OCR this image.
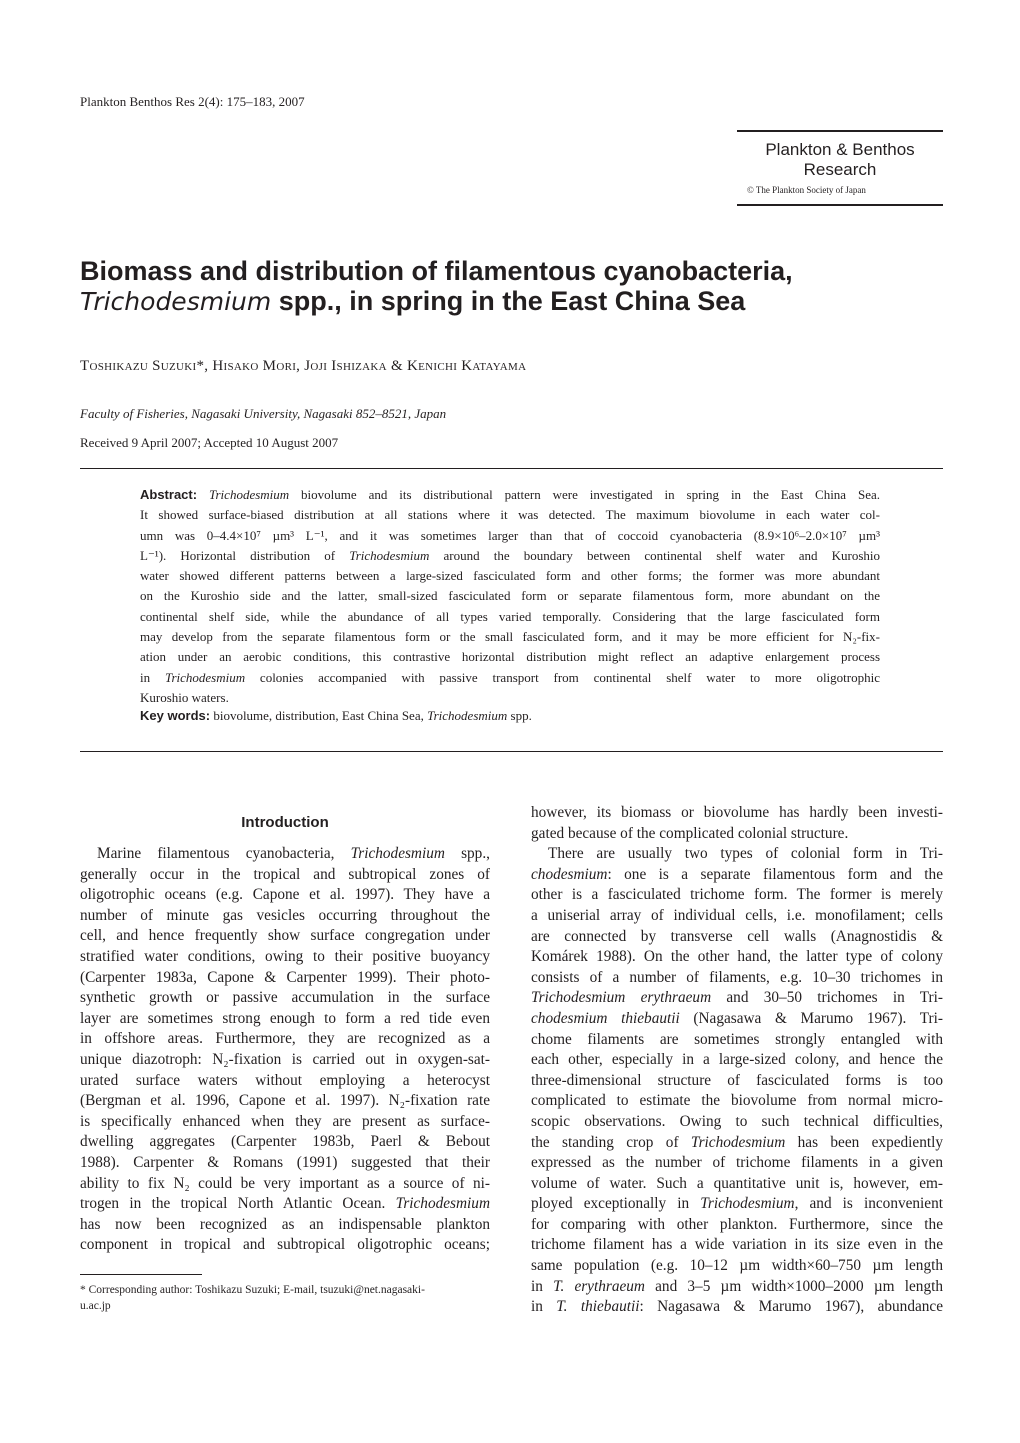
Plankton Benthos Res 2(4): 175–183, 2007
Plankton & Benthos
Research
© The Plankton Society of Japan
Biomass and distribution of filamentous cyanobacteria,
Trichodesmium spp., in spring in the East China Sea
Toshikazu Suzuki*, Hisako Mori, Joji Ishizaka & Kenichi Katayama
Faculty of Fisheries, Nagasaki University, Nagasaki 852–8521, Japan
Received 9 April 2007; Accepted 10 August 2007
Abstract: Trichodesmium biovolume and its distributional pattern were investigated in spring in the East China Sea.
It showed surface-biased distribution at all stations where it was detected. The maximum biovolume in each water col-
umn was 0–4.4×10⁷ µm³ L⁻¹, and it was sometimes larger than that of coccoid cyanobacteria (8.9×10⁶–2.0×10⁷ µm³
L⁻¹). Horizontal distribution of Trichodesmium around the boundary between continental shelf water and Kuroshio
water showed different patterns between a large-sized fasciculated form and other forms; the former was more abundant
on the Kuroshio side and the latter, small-sized fasciculated form or separate filamentous form, more abundant on the
continental shelf side, while the abundance of all types varied temporally. Considering that the large fasciculated form
may develop from the separate filamentous form or the small fasciculated form, and it may be more efficient for N₂-fix-
ation under an aerobic conditions, this contrastive horizontal distribution might reflect an adaptive enlargement process
in Trichodesmium colonies accompanied with passive transport from continental shelf water to more oligotrophic
Kuroshio waters.
Key words: biovolume, distribution, East China Sea, Trichodesmium spp.
Introduction
Marine filamentous cyanobacteria, Trichodesmium spp.,
generally occur in the tropical and subtropical zones of
oligotrophic oceans (e.g. Capone et al. 1997). They have a
number of minute gas vesicles occurring throughout the
cell, and hence frequently show surface congregation under
stratified water conditions, owing to their positive buoyancy
(Carpenter 1983a, Capone & Carpenter 1999). Their photo-
synthetic growth or passive accumulation in the surface
layer are sometimes strong enough to form a red tide even
in offshore areas. Furthermore, they are recognized as a
unique diazotroph: N₂-fixation is carried out in oxygen-sat-
urated surface waters without employing a heterocyst
(Bergman et al. 1996, Capone et al. 1997). N₂-fixation rate
is specifically enhanced when they are present as surface-
dwelling aggregates (Carpenter 1983b, Paerl & Bebout
1988). Carpenter & Romans (1991) suggested that their
ability to fix N₂ could be very important as a source of ni-
trogen in the tropical North Atlantic Ocean. Trichodesmium
has now been recognized as an indispensable plankton
component in tropical and subtropical oligotrophic oceans;
however, its biomass or biovolume has hardly been investi-
gated because of the complicated colonial structure.
There are usually two types of colonial form in Tri-
chodesmium: one is a separate filamentous form and the
other is a fasciculated trichome form. The former is merely
a uniserial array of individual cells, i.e. monofilament; cells
are connected by transverse cell walls (Anagnostidis &
Komárek 1988). On the other hand, the latter type of colony
consists of a number of filaments, e.g. 10–30 trichomes in
Trichodesmium erythraeum and 30–50 trichomes in Tri-
chodesmium thiebautii (Nagasawa & Marumo 1967). Tri-
chome filaments are sometimes strongly entangled with
each other, especially in a large-sized colony, and hence the
three-dimensional structure of fasciculated forms is too
complicated to estimate the biovolume from normal micro-
scopic observations. Owing to such technical difficulties,
the standing crop of Trichodesmium has been expediently
expressed as the number of trichome filaments in a given
volume of water. Such a quantitative unit is, however, em-
ployed exceptionally in Trichodesmium, and is inconvenient
for comparing with other plankton. Furthermore, since the
trichome filament has a wide variation in its size even in the
same population (e.g. 10–12 µm width×60–750 µm length
in T. erythraeum and 3–5 µm width×1000–2000 µm length
in T. thiebautii: Nagasawa & Marumo 1967), abundance
* Corresponding author: Toshikazu Suzuki; E-mail, tsuzuki@net.nagasaki-
u.ac.jp
